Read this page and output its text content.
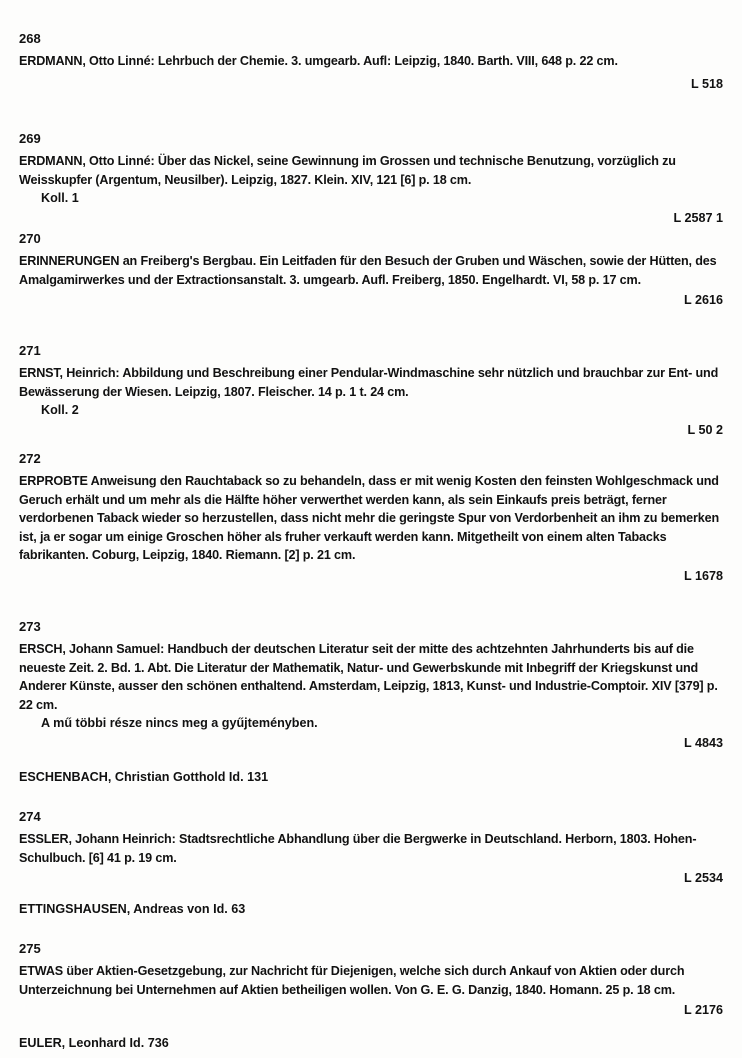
268

ERDMANN, Otto Linné: Lehrbuch der Chemie. 3. umgearb. Aufl: Leipzig, 1840. Barth. VIII, 648 p. 22 cm.

L 518

269

ERDMANN, Otto Linné: Über das Nickel, seine Gewinnung im Grossen und technische Benutzung, vorzüglich zu Weisskupfer (Argentum, Neusilber). Leipzig, 1827. Klein. XIV, 121 [6] p. 18 cm.

Koll. 1

L 2587 1

270

ERINNERUNGEN an Freiberg's Bergbau. Ein Leitfaden für den Besuch der Gruben und Wäschen, sowie der Hütten, des Amalgamirwerkes und der Extractionsanstalt. 3. umgearb. Aufl. Freiberg, 1850. Engelhardt. VI, 58 p. 17 cm.

L 2616

271

ERNST, Heinrich: Abbildung und Beschreibung einer Pendular-Windmaschine sehr nützlich und brauchbar zur Ent- und Bewässerung der Wiesen. Leipzig, 1807. Fleischer. 14 p. 1 t. 24 cm.

Koll. 2

L 50 2

272

ERPROBTE Anweisung den Rauchtaback so zu behandeln, dass er mit wenig Kosten den feinsten Wohlgeschmack und Geruch erhält und um mehr als die Hälfte höher verwerthet werden kann, als sein Einkaufs preis beträgt, ferner verdorbenen Taback wieder so herzustellen, dass nicht mehr die geringste Spur von Verdorbenheit an ihm zu bemerken ist, ja er sogar um einige Groschen höher als fruher verkauft werden kann. Mitgetheilt von einem alten Tabacks fabrikanten. Coburg, Leipzig, 1840. Riemann. [2] p. 21 cm.

L 1678

273

ERSCH, Johann Samuel: Handbuch der deutschen Literatur seit der mitte des achtzehnten Jahrhunderts bis auf die neueste Zeit. 2. Bd. 1. Abt. Die Literatur der Mathematik, Natur- und Gewerbskunde mit Inbegriff der Kriegskunst und Anderer Künste, ausser den schönen enthaltend. Amsterdam, Leipzig, 1813, Kunst- und Industrie-Comptoir. XIV [379] p. 22 cm.

A mű többi része nincs meg a gyűjteményben.

L 4843

ESCHENBACH, Christian Gotthold Id. 131

274

ESSLER, Johann Heinrich: Stadtsrechtliche Abhandlung über die Bergwerke in Deutschland. Herborn, 1803. Hohen-Schulbuch. [6] 41 p. 19 cm.

L 2534

ETTINGSHAUSEN, Andreas von Id. 63

275

ETWAS über Aktien-Gesetzgebung, zur Nachricht für Diejenigen, welche sich durch Ankauf von Aktien oder durch Unterzeichnung bei Unternehmen auf Aktien betheiligen wollen. Von G. E. G. Danzig, 1840. Homann. 25 p. 18 cm.

L 2176

EULER, Leonhard Id. 736
